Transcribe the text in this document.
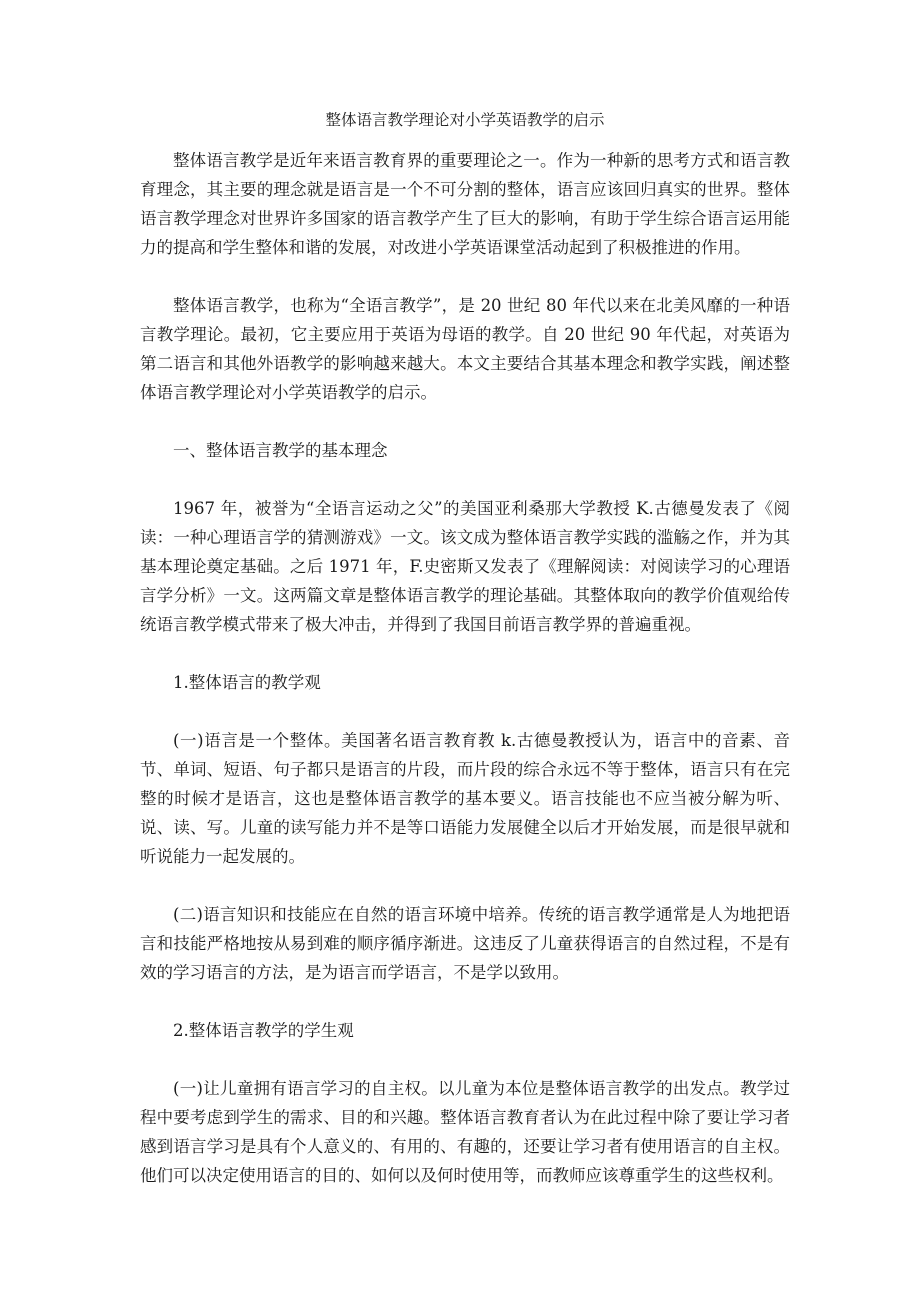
整体语言教学理论对小学英语教学的启示
整体语言教学是近年来语言教育界的重要理论之一。作为一种新的思考方式和语言教育理念，其主要的理念就是语言是一个不可分割的整体，语言应该回归真实的世界。整体语言教学理念对世界许多国家的语言教学产生了巨大的影响，有助于学生综合语言运用能力的提高和学生整体和谐的发展，对改进小学英语课堂活动起到了积极推进的作用。
整体语言教学，也称为“全语言教学”，是 20 世纪 80 年代以来在北美风靡的一种语言教学理论。最初，它主要应用于英语为母语的教学。自 20 世纪 90 年代起，对英语为第二语言和其他外语教学的影响越来越大。本文主要结合其基本理念和教学实践，阐述整体语言教学理论对小学英语教学的启示。
一、整体语言教学的基本理念
1967 年，被誉为“全语言运动之父”的美国亚利桑那大学教授 K.古德曼发表了《阅读：一种心理语言学的猜测游戏》一文。该文成为整体语言教学实践的滥觞之作，并为其基本理论奠定基础。之后 1971 年，F.史密斯又发表了《理解阅读：对阅读学习的心理语言学分析》一文。这两篇文章是整体语言教学的理论基础。其整体取向的教学价值观给传统语言教学模式带来了极大冲击，并得到了我国目前语言教学界的普遍重视。
1.整体语言的教学观
(一)语言是一个整体。美国著名语言教育教 k.古德曼教授认为，语言中的音素、音节、单词、短语、句子都只是语言的片段，而片段的综合永远不等于整体，语言只有在完整的时候才是语言，这也是整体语言教学的基本要义。语言技能也不应当被分解为听、说、读、写。儿童的读写能力并不是等口语能力发展健全以后才开始发展，而是很早就和听说能力一起发展的。
(二)语言知识和技能应在自然的语言环境中培养。传统的语言教学通常是人为地把语言和技能严格地按从易到难的顺序循序渐进。这违反了儿童获得语言的自然过程，不是有效的学习语言的方法，是为语言而学语言，不是学以致用。
2.整体语言教学的学生观
(一)让儿童拥有语言学习的自主权。以儿童为本位是整体语言教学的出发点。教学过程中要考虑到学生的需求、目的和兴趣。整体语言教育者认为在此过程中除了要让学习者感到语言学习是具有个人意义的、有用的、有趣的，还要让学习者有使用语言的自主权。他们可以决定使用语言的目的、如何以及何时使用等，而教师应该尊重学生的这些权利。
